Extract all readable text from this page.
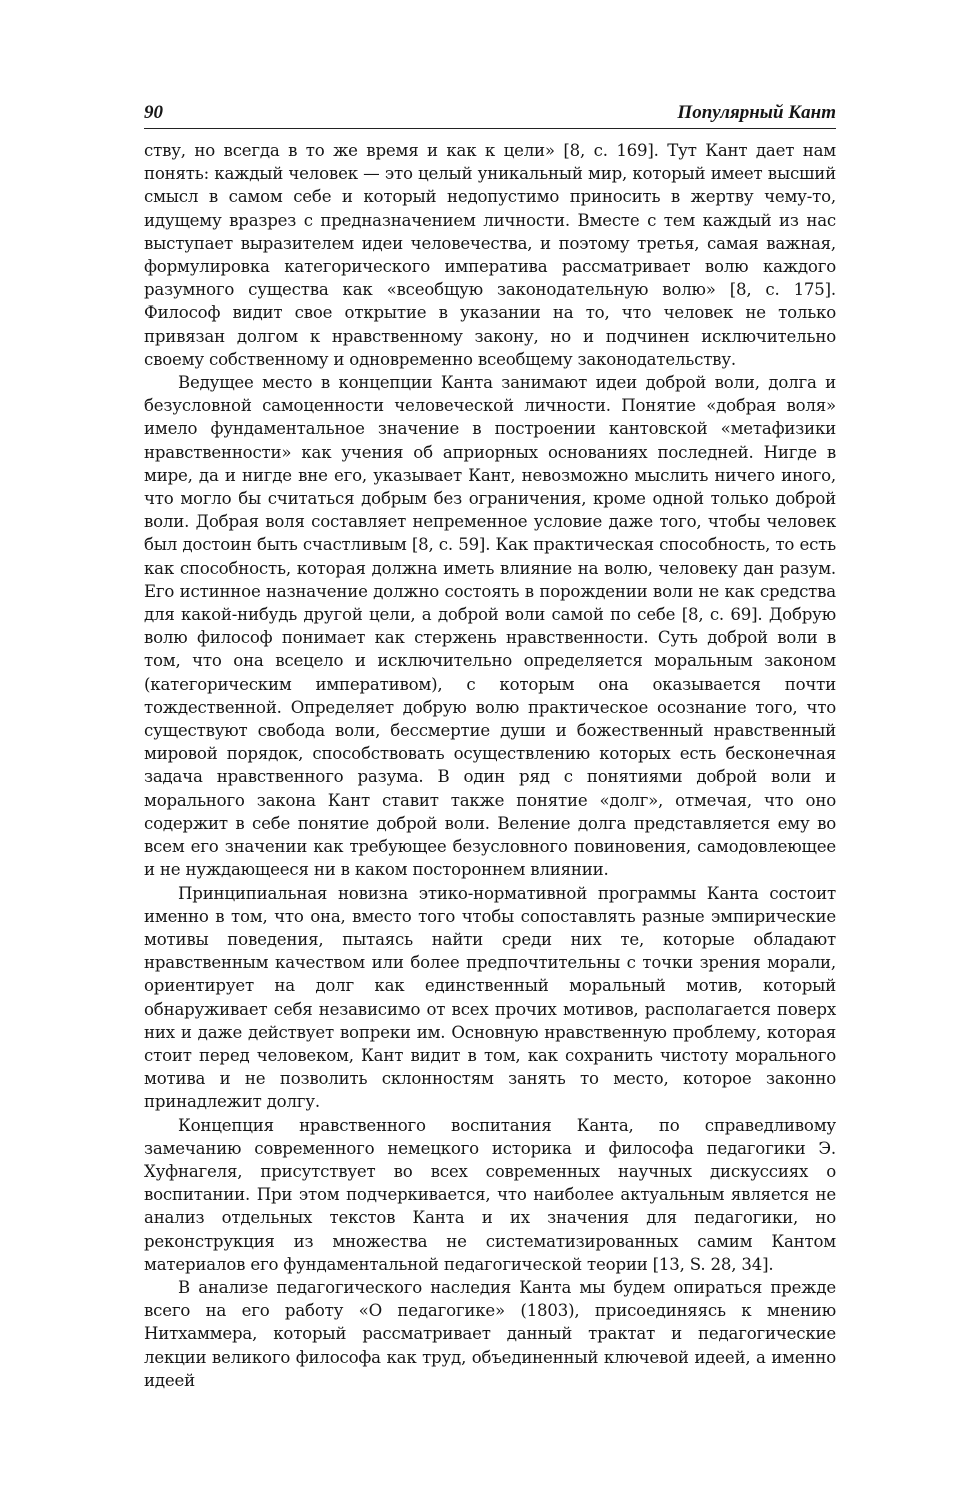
90	Популярный Кант

ству, но всегда в то же время и как к цели» [8, с. 169]. Тут Кант дает нам понять: каждый человек — это целый уникальный мир, который имеет высший смысл в самом себе и который недопустимо приносить в жертву чему-то, идущему вразрез с предназначением личности. Вместе с тем каждый из нас выступает выразителем идеи человечества, и поэтому третья, самая важная, формулировка категорического императива рассматривает волю каждого разумного существа как «всеобщую законодательную волю» [8, с. 175]. Философ видит свое открытие в указании на то, что человек не только привязан долгом к нравственному закону, но и подчинен исключительно своему собственному и одновременно всеобщему законодательству.

Ведущее место в концепции Канта занимают идеи доброй воли, долга и безусловной самоценности человеческой личности. Понятие «добрая воля» имело фундаментальное значение в построении кантовской «метафизики нравственности» как учения об априорных основаниях последней. Нигде в мире, да и нигде вне его, указывает Кант, невозможно мыслить ничего иного, что могло бы считаться добрым без ограничения, кроме одной только доброй воли. Добрая воля составляет непременное условие даже того, чтобы человек был достоин быть счастливым [8, с. 59]. Как практическая способность, то есть как способность, которая должна иметь влияние на волю, человеку дан разум. Его истинное назначение должно состоять в порождении воли не как средства для какой-нибудь другой цели, а доброй воли самой по себе [8, с. 69]. Добрую волю философ понимает как стержень нравственности. Суть доброй воли в том, что она всецело и исключительно определяется моральным законом (категорическим императивом), с которым она оказывается почти тождественной. Определяет добрую волю практическое осознание того, что существуют свобода воли, бессмертие души и божественный нравственный мировой порядок, способствовать осуществлению которых есть бесконечная задача нравственного разума. В один ряд с понятиями доброй воли и морального закона Кант ставит также понятие «долг», отмечая, что оно содержит в себе понятие доброй воли. Веление долга представляется ему во всем его значении как требующее безусловного повиновения, самодовлеющее и не нуждающееся ни в каком постороннем влиянии.

Принципиальная новизна этико-нормативной программы Канта состоит именно в том, что она, вместо того чтобы сопоставлять разные эмпирические мотивы поведения, пытаясь найти среди них те, которые обладают нравственным качеством или более предпочтительны с точки зрения морали, ориентирует на долг как единственный моральный мотив, который обнаруживает себя независимо от всех прочих мотивов, располагается поверх них и даже действует вопреки им. Основную нравственную проблему, которая стоит перед человеком, Кант видит в том, как сохранить чистоту морального мотива и не позволить склонностям занять то место, которое законно принадлежит долгу.

Концепция нравственного воспитания Канта, по справедливому замечанию современного немецкого историка и философа педагогики Э. Хуфнагеля, присутствует во всех современных научных дискуссиях о воспитании. При этом подчеркивается, что наиболее актуальным является не анализ отдельных текстов Канта и их значения для педагогики, но реконструкция из множества не систематизированных самим Кантом материалов его фундаментальной педагогической теории [13, S. 28, 34].

В анализе педагогического наследия Канта мы будем опираться прежде всего на его работу «О педагогике» (1803), присоединяясь к мнению Нитхаммера, который рассматривает данный трактат и педагогические лекции великого философа как труд, объединенный ключевой идеей, а именно идеей
